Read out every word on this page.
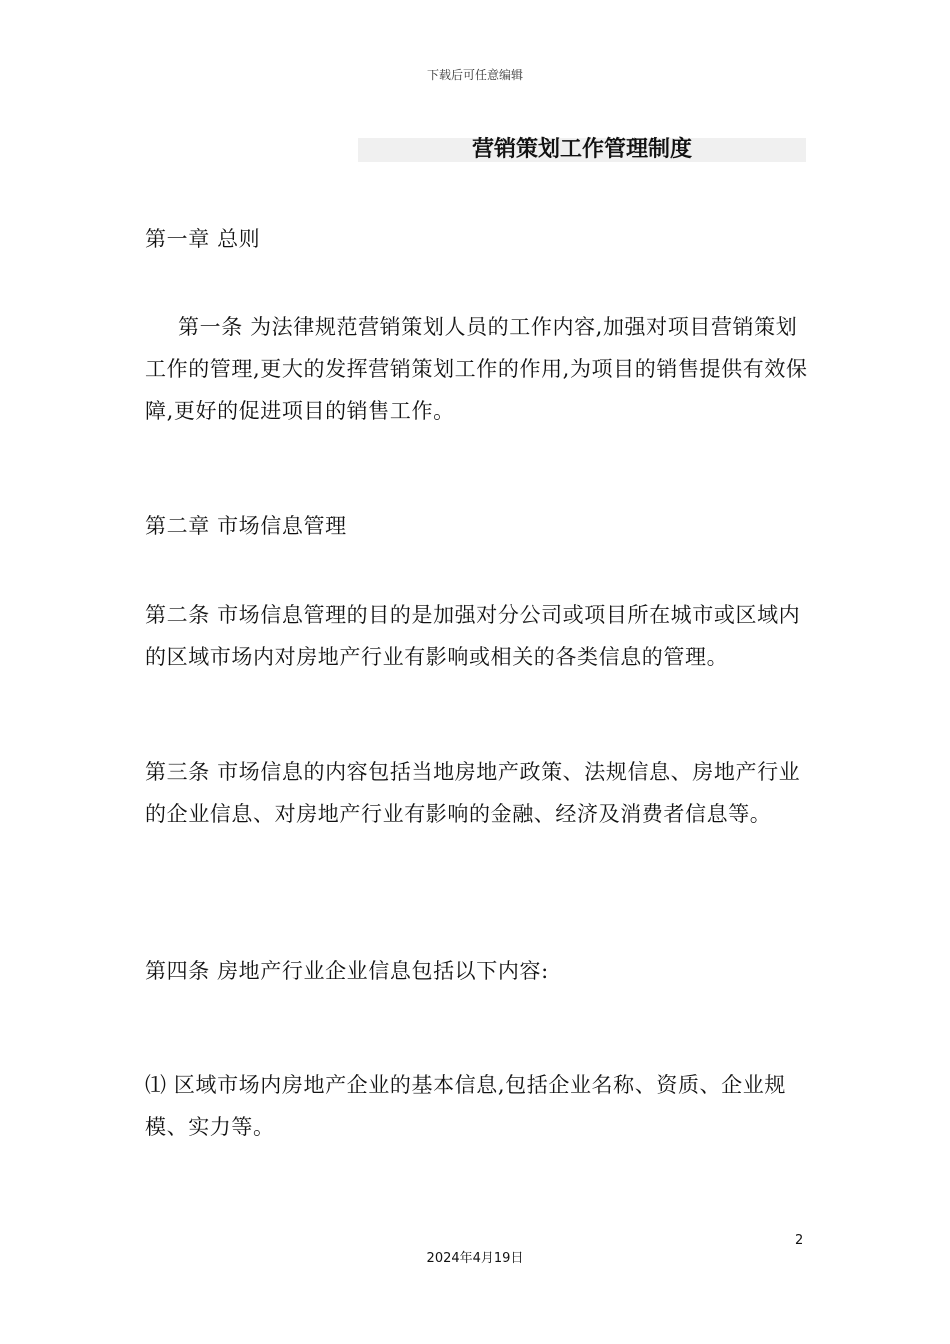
下载后可任意编辑
营销策划工作管理制度
第一章 总则
第一条 为法律规范营销策划人员的工作内容,加强对项目营销策划工作的管理,更大的发挥营销策划工作的作用,为项目的销售提供有效保障,更好的促进项目的销售工作。
第二章 市场信息管理
第二条 市场信息管理的目的是加强对分公司或项目所在城市或区域内的区域市场内对房地产行业有影响或相关的各类信息的管理。
第三条 市场信息的内容包括当地房地产政策、法规信息、房地产行业的企业信息、对房地产行业有影响的金融、经济及消费者信息等。
第四条 房地产行业企业信息包括以下内容:
⑴ 区域市场内房地产企业的基本信息,包括企业名称、资质、企业规模、实力等。
2
2024年4月19日
